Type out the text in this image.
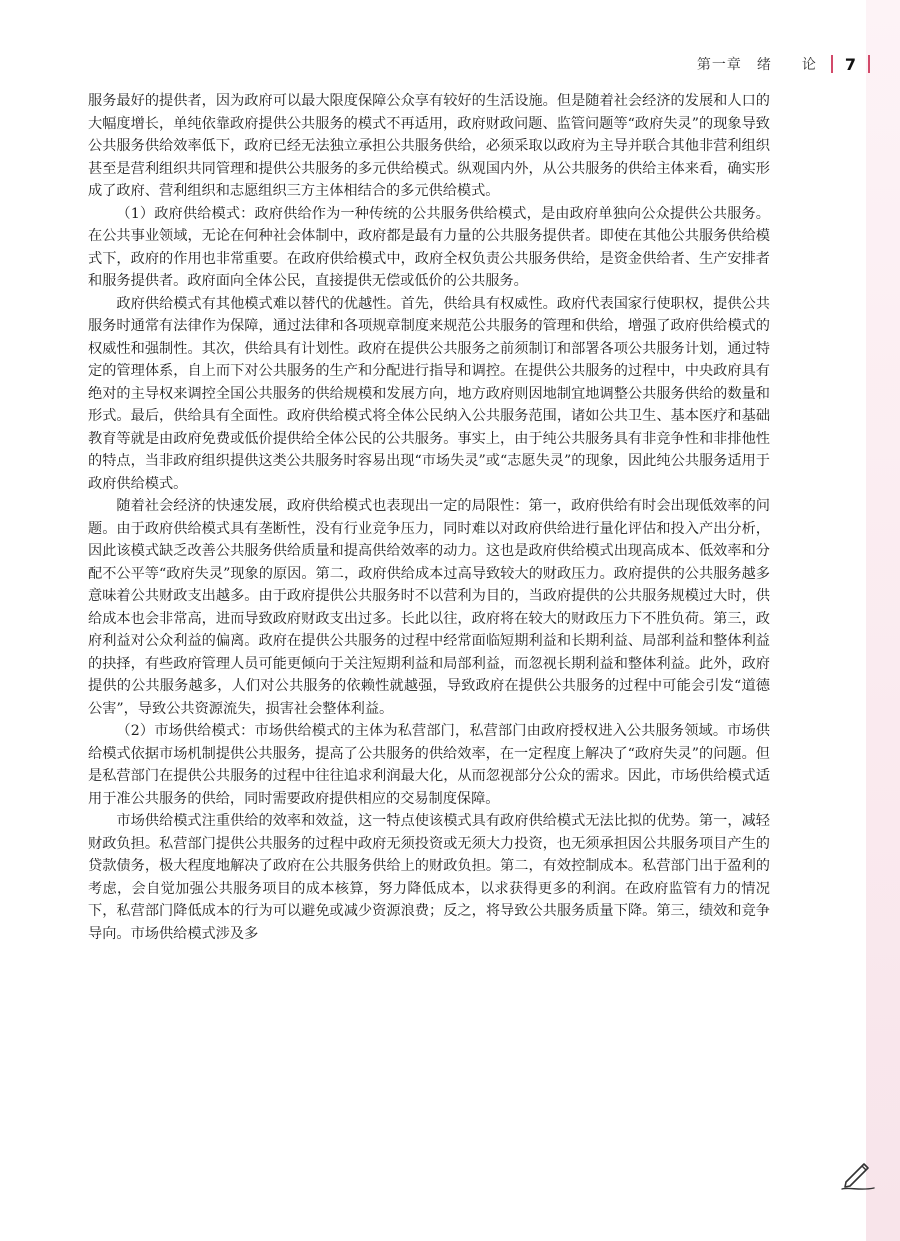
第一章　绪　　论 7

服务最好的提供者，因为政府可以最大限度保障公众享有较好的生活设施。但是随着社会经济的发展和人口的大幅度增长，单纯依靠政府提供公共服务的模式不再适用，政府财政问题、监管问题等“政府失灵”的现象导致公共服务供给效率低下，政府已经无法独立承担公共服务供给，必须采取以政府为主导并联合其他非营利组织甚至是营利组织共同管理和提供公共服务的多元供给模式。纵观国内外，从公共服务的供给主体来看，确实形成了政府、营利组织和志愿组织三方主体相结合的多元供给模式。

（1）政府供给模式：政府供给作为一种传统的公共服务供给模式，是由政府单独向公众提供公共服务。在公共事业领域，无论在何种社会体制中，政府都是最有力量的公共服务提供者。即使在其他公共服务供给模式下，政府的作用也非常重要。在政府供给模式中，政府全权负责公共服务供给，是资金供给者、生产安排者和服务提供者。政府面向全体公民，直接提供无偿或低价的公共服务。

政府供给模式有其他模式难以替代的优越性。首先，供给具有权威性。政府代表国家行使职权，提供公共服务时通常有法律作为保障，通过法律和各项规章制度来规范公共服务的管理和供给，增强了政府供给模式的权威性和强制性。其次，供给具有计划性。政府在提供公共服务之前须制订和部署各项公共服务计划，通过特定的管理体系，自上而下对公共服务的生产和分配进行指导和调控。在提供公共服务的过程中，中央政府具有绝对的主导权来调控全国公共服务的供给规模和发展方向，地方政府则因地制宜地调整公共服务供给的数量和形式。最后，供给具有全面性。政府供给模式将全体公民纳入公共服务范围，诸如公共卫生、基本医疗和基础教育等就是由政府免费或低价提供给全体公民的公共服务。事实上，由于纯公共服务具有非竞争性和非排他性的特点，当非政府组织提供这类公共服务时容易出现“市场失灵”或“志愿失灵”的现象，因此纯公共服务适用于政府供给模式。

随着社会经济的快速发展，政府供给模式也表现出一定的局限性：第一，政府供给有时会出现低效率的问题。由于政府供给模式具有垄断性，没有行业竞争压力，同时难以对政府供给进行量化评估和投入产出分析，因此该模式缺乏改善公共服务供给质量和提高供给效率的动力。这也是政府供给模式出现高成本、低效率和分配不公平等“政府失灵”现象的原因。第二，政府供给成本过高导致较大的财政压力。政府提供的公共服务越多意味着公共财政支出越多。由于政府提供公共服务时不以营利为目的，当政府提供的公共服务规模过大时，供给成本也会非常高，进而导致政府财政支出过多。长此以往，政府将在较大的财政压力下不胜负荷。第三，政府利益对公众利益的偏离。政府在提供公共服务的过程中经常面临短期利益和长期利益、局部利益和整体利益的抉择，有些政府管理人员可能更倾向于关注短期利益和局部利益，而忽视长期利益和整体利益。此外，政府提供的公共服务越多，人们对公共服务的依赖性就越强，导致政府在提供公共服务的过程中可能会引发“道德公害”，导致公共资源流失，损害社会整体利益。

（2）市场供给模式：市场供给模式的主体为私营部门，私营部门由政府授权进入公共服务领域。市场供给模式依据市场机制提供公共服务，提高了公共服务的供给效率，在一定程度上解决了“政府失灵”的问题。但是私营部门在提供公共服务的过程中往往追求利润最大化，从而忽视部分公众的需求。因此，市场供给模式适用于准公共服务的供给，同时需要政府提供相应的交易制度保障。

市场供给模式注重供给的效率和效益，这一特点使该模式具有政府供给模式无法比拟的优势。第一，减轻财政负担。私营部门提供公共服务的过程中政府无须投资或无须大力投资，也无须承担因公共服务项目产生的贷款债务，极大程度地解决了政府在公共服务供给上的财政负担。第二，有效控制成本。私营部门出于盈利的考虑，会自觉加强公共服务项目的成本核算，努力降低成本，以求获得更多的利润。在政府监管有力的情况下，私营部门降低成本的行为可以避免或减少资源浪费；反之，将导致公共服务质量下降。第三，绩效和竞争导向。市场供给模式涉及多
